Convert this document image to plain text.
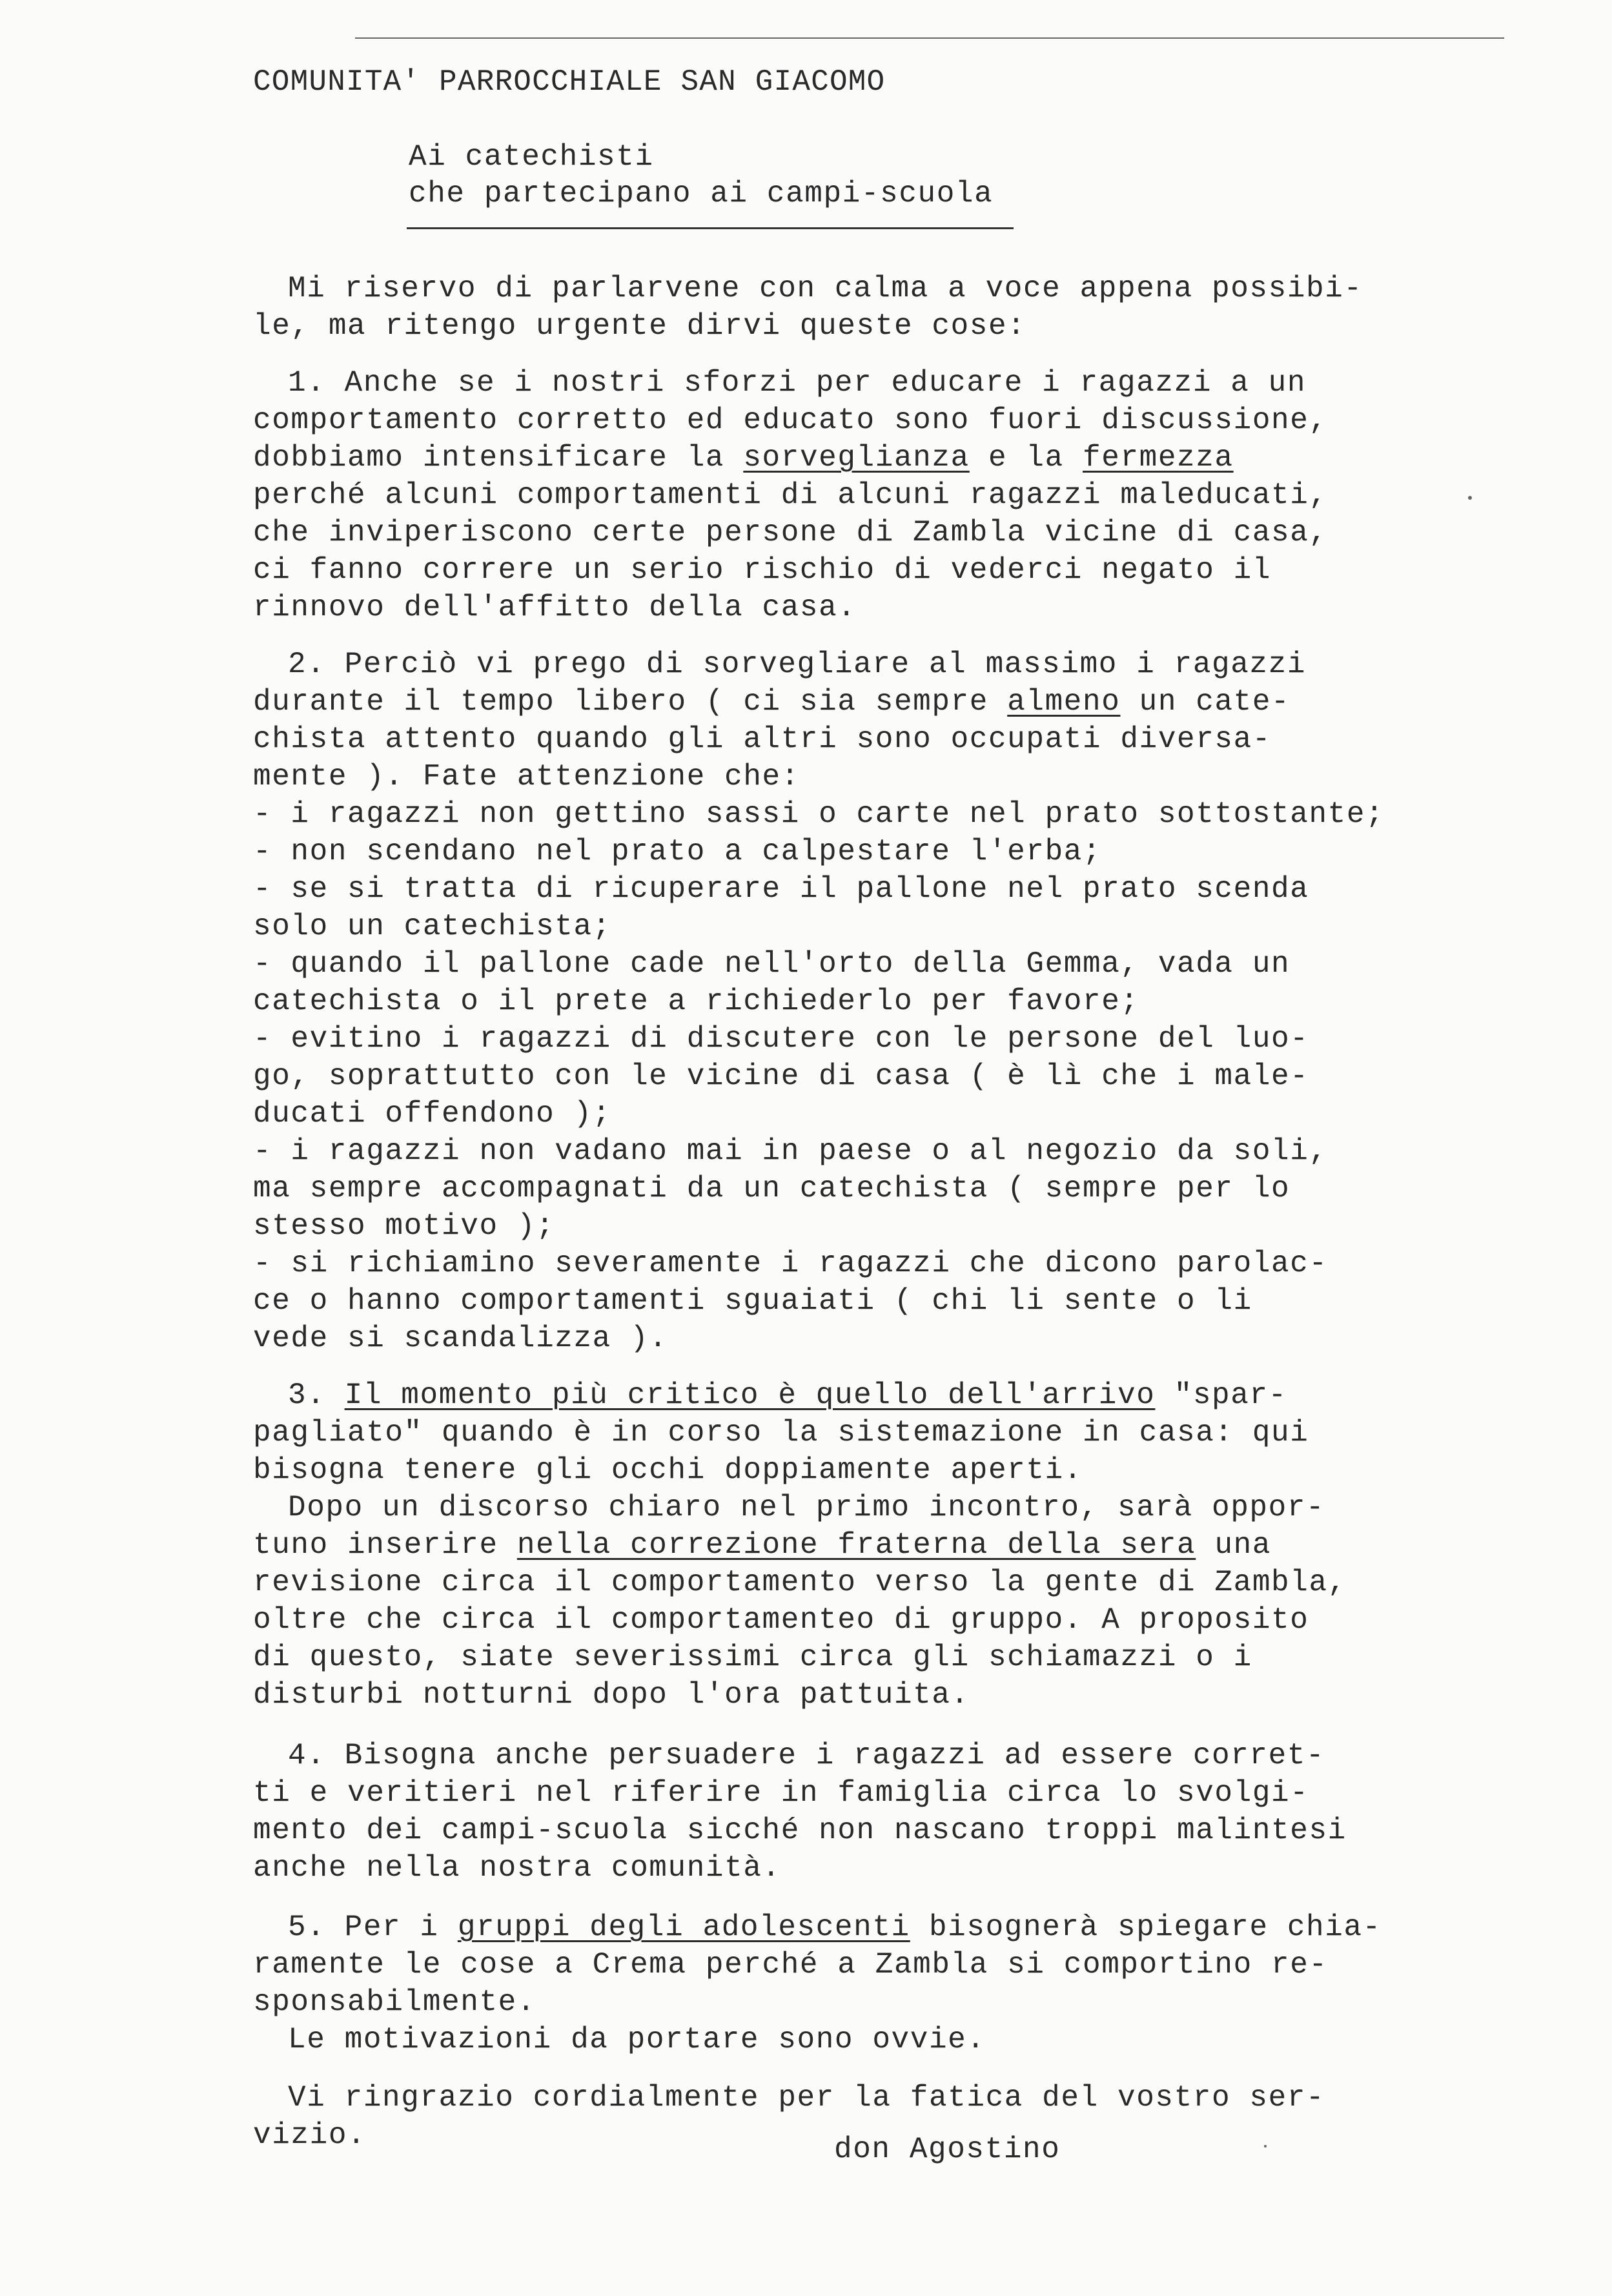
COMUNITA' PARROCCHIALE SAN GIACOMO
Ai catechisti
che partecipano ai campi-scuola
Mi riservo di parlarvene con calma a voce appena possibi-
le, ma ritengo urgente dirvi queste cose:
1. Anche se i nostri sforzi per educare i ragazzi a un
comportamento corretto ed educato sono fuori discussione,
dobbiamo intensificare la sorveglianza e la fermezza
perché alcuni comportamenti di alcuni ragazzi maleducati,
che inviperiscono certe persone di Zambla vicine di casa,
ci fanno correre un serio rischio di vederci negato il
rinnovo dell'affitto della casa.
2. Perciò vi prego di sorvegliare al massimo i ragazzi
durante il tempo libero ( ci sia sempre almeno un cate-
chista attento quando gli altri sono occupati diversa-
mente ). Fate attenzione che:
- i ragazzi non gettino sassi o carte nel prato sottostante;
- non scendano nel prato a calpestare l'erba;
- se si tratta di ricuperare il pallone nel prato scenda
solo un catechista;
- quando il pallone cade nell'orto della Gemma, vada un
catechista o il prete a richiederlo per favore;
- evitino i ragazzi di discutere con le persone del luo-
go, soprattutto con le vicine di casa ( è lì che i male-
ducati offendono );
- i ragazzi non vadano mai in paese o al negozio da soli,
ma sempre accompagnati da un catechista ( sempre per lo
stesso motivo );
- si richiamino severamente i ragazzi che dicono parolac-
ce o hanno comportamenti sguaiati ( chi li sente o li
vede si scandalizza ).
3. Il momento più critico è quello dell'arrivo "spar-
pagliato" quando è in corso la sistemazione in casa: qui
bisogna tenere gli occhi doppiamente aperti.
Dopo un discorso chiaro nel primo incontro, sarà oppor-
tuno inserire nella correzione fraterna della sera una
revisione circa il comportamento verso la gente di Zambla,
oltre che circa il comportamenteo di gruppo. A proposito
di questo, siate severissimi circa gli schiamazzi o i
disturbi notturni dopo l'ora pattuita.
4. Bisogna anche persuadere i ragazzi ad essere corret-
ti e veritieri nel riferire in famiglia circa lo svolgi-
mento dei campi-scuola sicché non nascano troppi malintesi
anche nella nostra comunità.
5. Per i gruppi degli adolescenti bisognerà spiegare chia-
ramente le cose a Crema perché a Zambla si comportino re-
sponsabilmente.
Le motivazioni da portare sono ovvie.
Vi ringrazio cordialmente per la fatica del vostro ser-
vizio.	don Agostino
